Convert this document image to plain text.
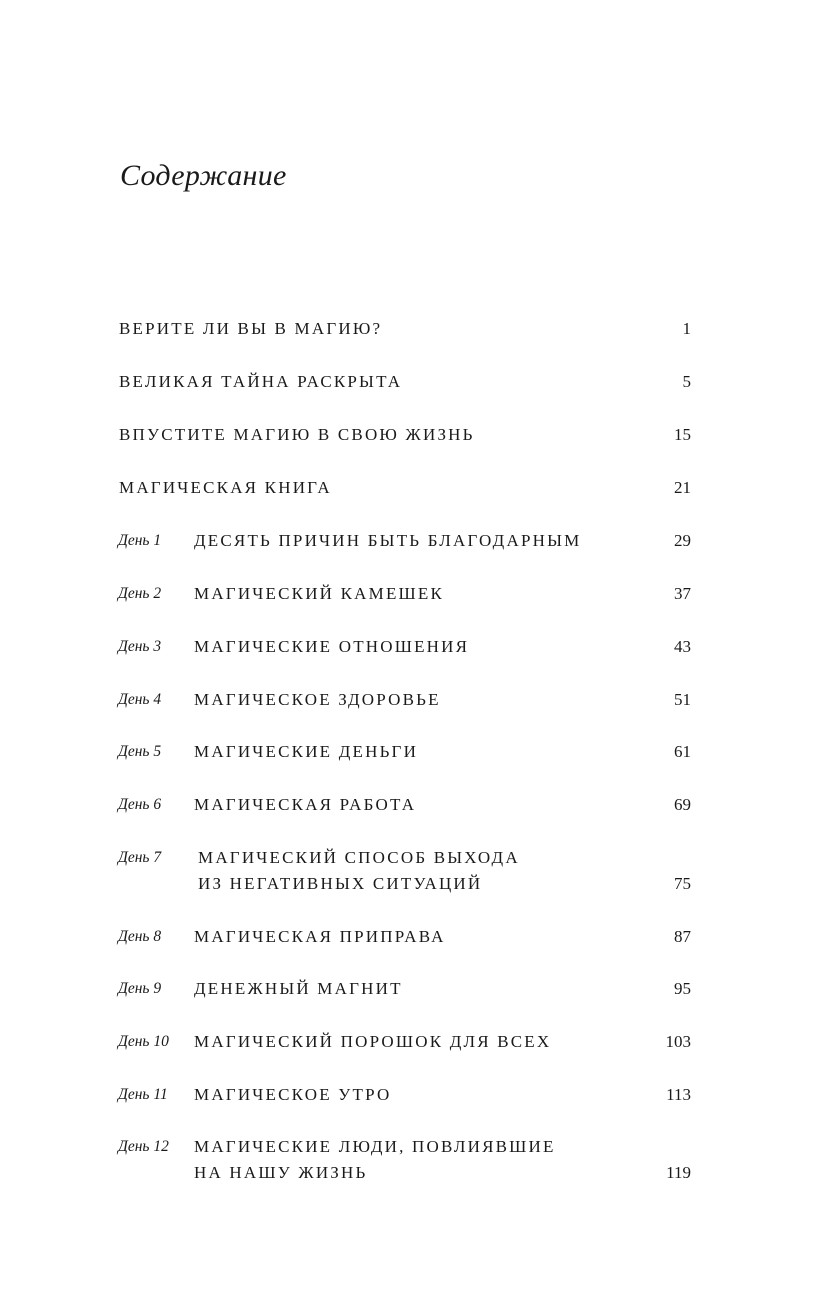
Содержание
ВЕРИТЕ ЛИ ВЫ В МАГИЮ?	1
ВЕЛИКАЯ ТАЙНА РАСКРЫТА	5
ВПУСТИТЕ МАГИЮ В СВОЮ ЖИЗНЬ	15
МАГИЧЕСКАЯ КНИГА	21
День 1 ДЕСЯТЬ ПРИЧИН БЫТЬ БЛАГОДАРНЫМ	29
День 2 МАГИЧЕСКИЙ КАМЕШЕК	37
День 3 МАГИЧЕСКИЕ ОТНОШЕНИЯ	43
День 4 МАГИЧЕСКОЕ ЗДОРОВЬЕ	51
День 5 МАГИЧЕСКИЕ ДЕНЬГИ	61
День 6 МАГИЧЕСКАЯ РАБОТА	69
День 7 МАГИЧЕСКИЙ СПОСОБ ВЫХОДА
ИЗ НЕГАТИВНЫХ СИТУАЦИЙ	75
День 8 МАГИЧЕСКАЯ ПРИПРАВА	87
День 9 ДЕНЕЖНЫЙ МАГНИТ	95
День 10 МАГИЧЕСКИЙ ПОРОШОК ДЛЯ ВСЕХ	103
День 11 МАГИЧЕСКОЕ УТРО	113
День 12 МАГИЧЕСКИЕ ЛЮДИ, ПОВЛИЯВШИЕ
НА НАШУ ЖИЗНЬ	119
